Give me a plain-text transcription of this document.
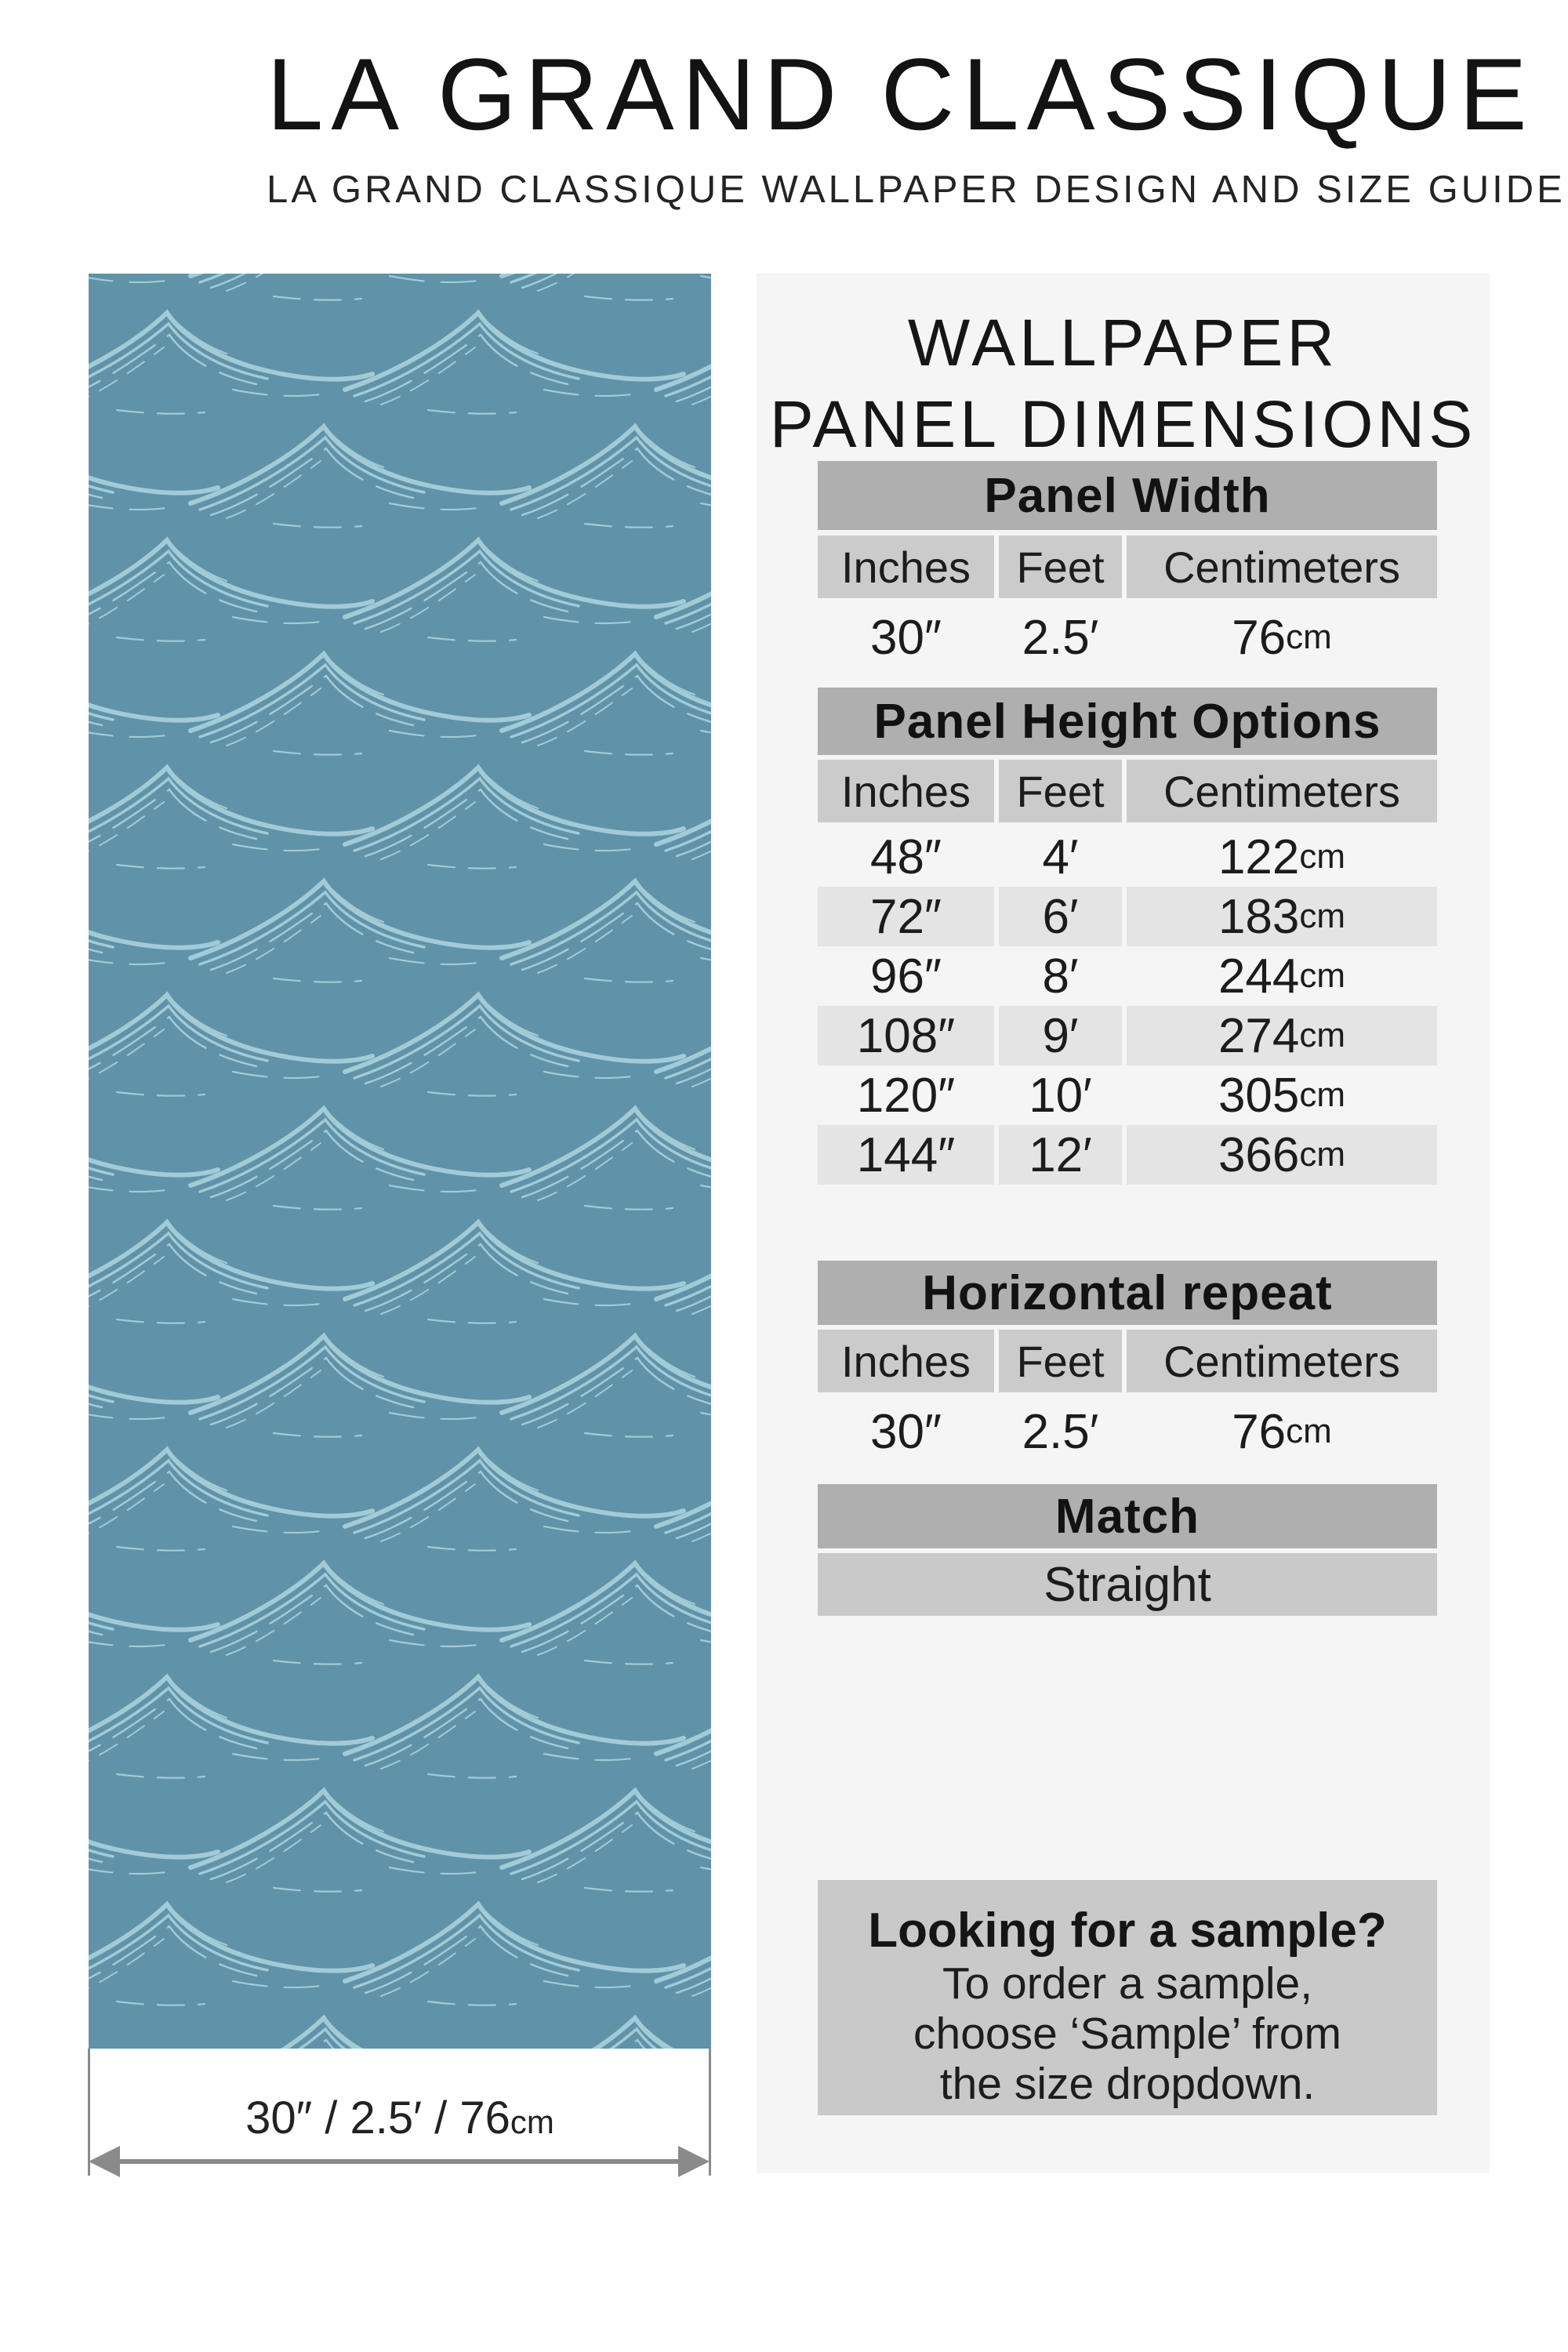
LA GRAND CLASSIQUE
LA GRAND CLASSIQUE WALLPAPER DESIGN AND SIZE GUIDE
30″ / 2.5′ / 76cm
WALLPAPER
PANEL DIMENSIONS
Panel Width
Inches	Feet	Centimeters
30″	2.5′	76 cm
Panel Height Options
Inches	Feet	Centimeters
48″	4′	122 cm
72″	6′	183 cm
96″	8′	244 cm
108″	9′	274 cm
120″	10′	305 cm
144″	12′	366 cm
Horizontal repeat
Inches	Feet	Centimeters
30″	2.5′	76 cm
Match
Straight
Looking for a sample?
To order a sample,
choose ‘Sample’ from
the size dropdown.
